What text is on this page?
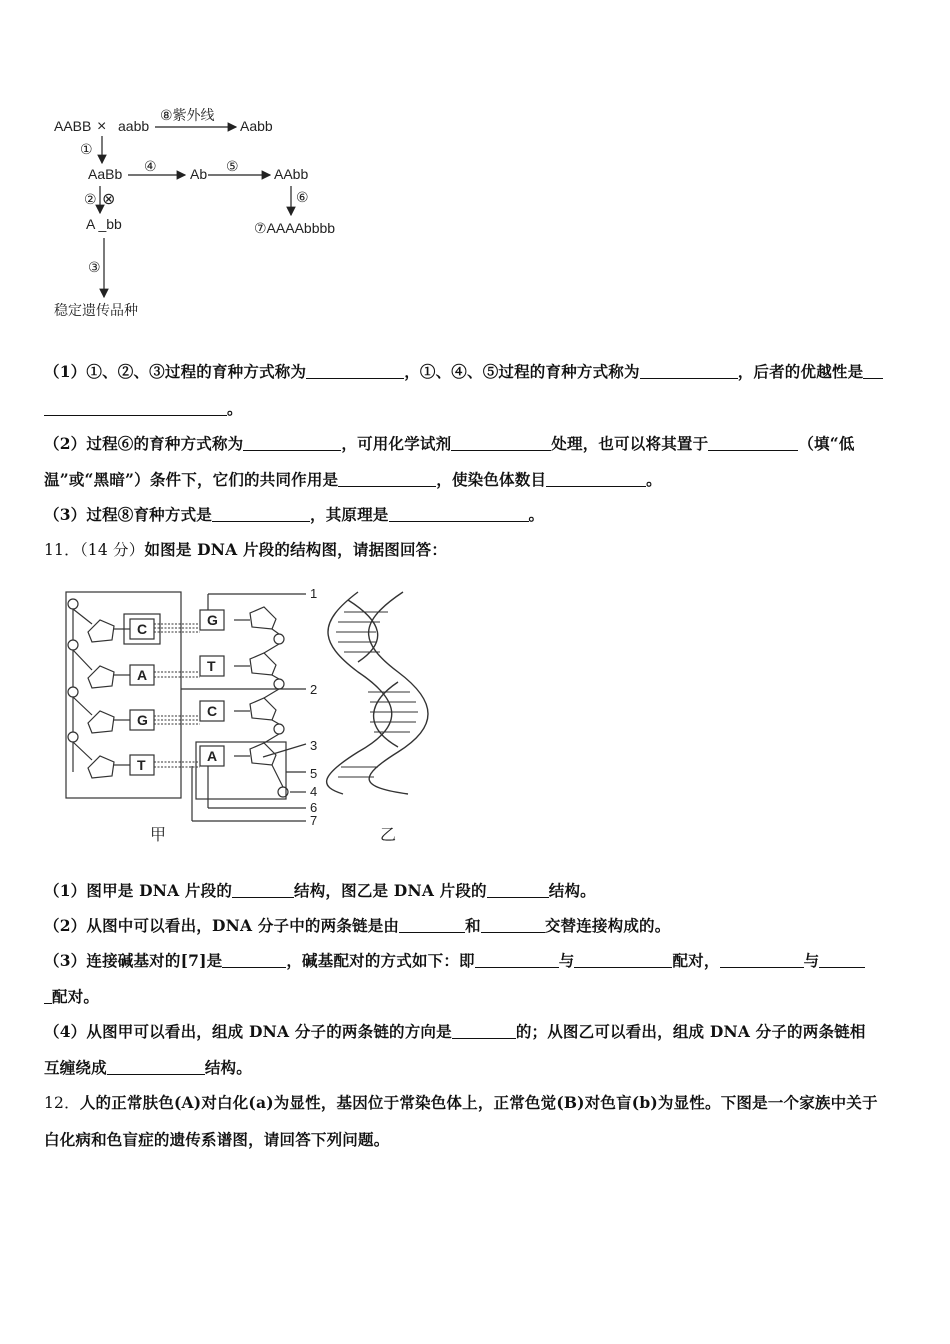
AABB × aabb
⑧紫外线
Aabb
①
AaBb ④ Ab ⑤	AAbb
② ⊗	⑥
A _bb	⑦AAAAbbbb
③
稳定遗传品种
（1）①、②、③过程的育种方式称为	，①、④、⑤过程的育种方式称为	，后者的优越性是
。
（2）过程⑥的育种方式称为	，可用化学试剂	处理，也可以将其置于	（填“低
温”或“黑暗”）条件下，它们的共同作用是	，使染色体数目	。
（3）过程⑧育种方式是	，其原理是	。
11．（14 分）如图是 DNA 片段的结构图，请据图回答：
C
A
G
T
G
T
C
A
1
2
3
4
5
6
7
甲	乙
（1）图甲是 DNA 片段的	结构，图乙是 DNA 片段的	结构。
（2）从图中可以看出，DNA 分子中的两条链是由	和	交替连接构成的。
（3）连接碱基对的[7]是	，碱基配对的方式如下：即	与	配对，	与
配对。
（4）从图甲可以看出，组成 DNA 分子的两条链的方向是	的；从图乙可以看出，组成 DNA 分子的两条链相
互缠绕成	结构。
12．人的正常肤色(A)对白化(a)为显性，基因位于常染色体上，正常色觉(B)对色盲(b)为显性。下图是一个家族中关于
白化病和色盲症的遗传系谱图，请回答下列问题。
